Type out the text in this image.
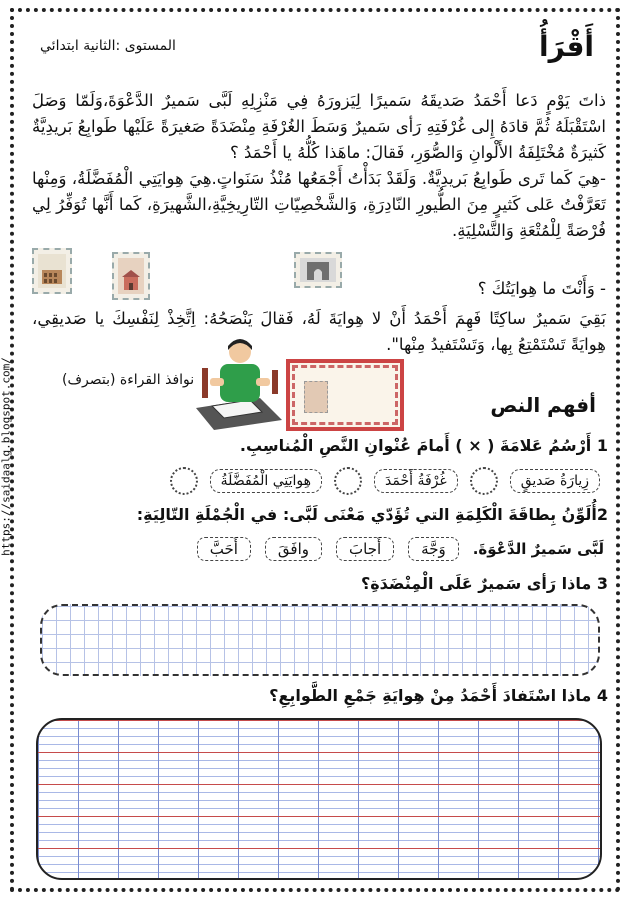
https://saidaalg.blogspot.com/
أَقْرَأُ
المستوى :الثانية ابتدائي
ذاتَ يَوْمٍ دَعا أَحْمَدُ صَديقَهُ سَميرًا لِيَزورَهُ فِي مَنْزِلِهِ لَبَّى سَميرٌ الدَّعْوَةَ،وَلَمّا وَصَلَ اسْتَقْبَلَهُ ثُمَّ قادَهُ إِلى غُرْفَتِهِ رَأى سَميرٌ وَسَطَ الغُرْفَةِ مِنْضَدَةً صَغيرَةً عَلَيْها طَوابِعُ بَريدِيَّةٌ كَثيرَةٌ مُخْتَلِفَةُ الأَلْوانِ وَالصُّوَرِ، فَقالَ: ماهَذا كُلُّهُ يا أَحْمَدُ ؟
-هِيَ كَما تَرى طَوابِعُ بَريدِيَّةٌ. وَلَقَدْ بَدَأْتُ أَجْمَعُها مُنْذُ سَنَواتٍ.هِيَ هِوايَتِي الْمُفَضَّلَةُ، وَمِنْها تَعَرَّفْتُ عَلى كَثيرٍ مِنَ الطُّيورِ النّادِرَةِ، وَالشَّخْصِيّاتِ التّارِيخِيَّةِ،الشَّهيرَةِ، كَما أَنَّها تُوَفِّرُ لِي فُرْصَةً لِلْمُتْعَةِ وَالتَّسْلِيَةِ.
- وَأَنْتَ ما هِوايَتُكَ ؟
بَقِيَ سَميرٌ ساكِتًا فَهِمَ أَحْمَدُ أَنْ لا هِوايَةَ لَهُ، فَقالَ يَنْصَحُهُ: اِتَّخِذْ لِنَفْسِكَ يا صَديقِي، هِوايَةً تَسْتَمْتِعُ بِها، وَتَسْتَفيدُ مِنْها".
نوافذ القراءة (بتصرف)
أفهم النص
1 أَرْسُمُ عَلامَةَ ( × ) أَمامَ عُنْوانِ النَّصِ الْمُناسِبِ.
زِيارَةُ صَديقٍ
غُرْفَةُ أَحْمَدَ
هِوايَتِي الْمُفَضَّلَةُ
2أُلَوِّنُ بِطاقَةَ الْكَلِمَةِ التي تُؤَدّي مَعْنَى لَبَّى: في الْجُمْلَةِ التّالِيَةِ:
لَبَّى سَميرٌ الدَّعْوَةَ.
وَجَّهَ
أَجابَ
وافَقَ
أَحَبَّ
3 ماذا رَأى سَميرٌ عَلَى الْمِنْضَدَةِ؟
4 ماذا اسْتَفادَ أَحْمَدُ مِنْ هِوايَةِ جَمْعِ الطَّوابِعِ؟
